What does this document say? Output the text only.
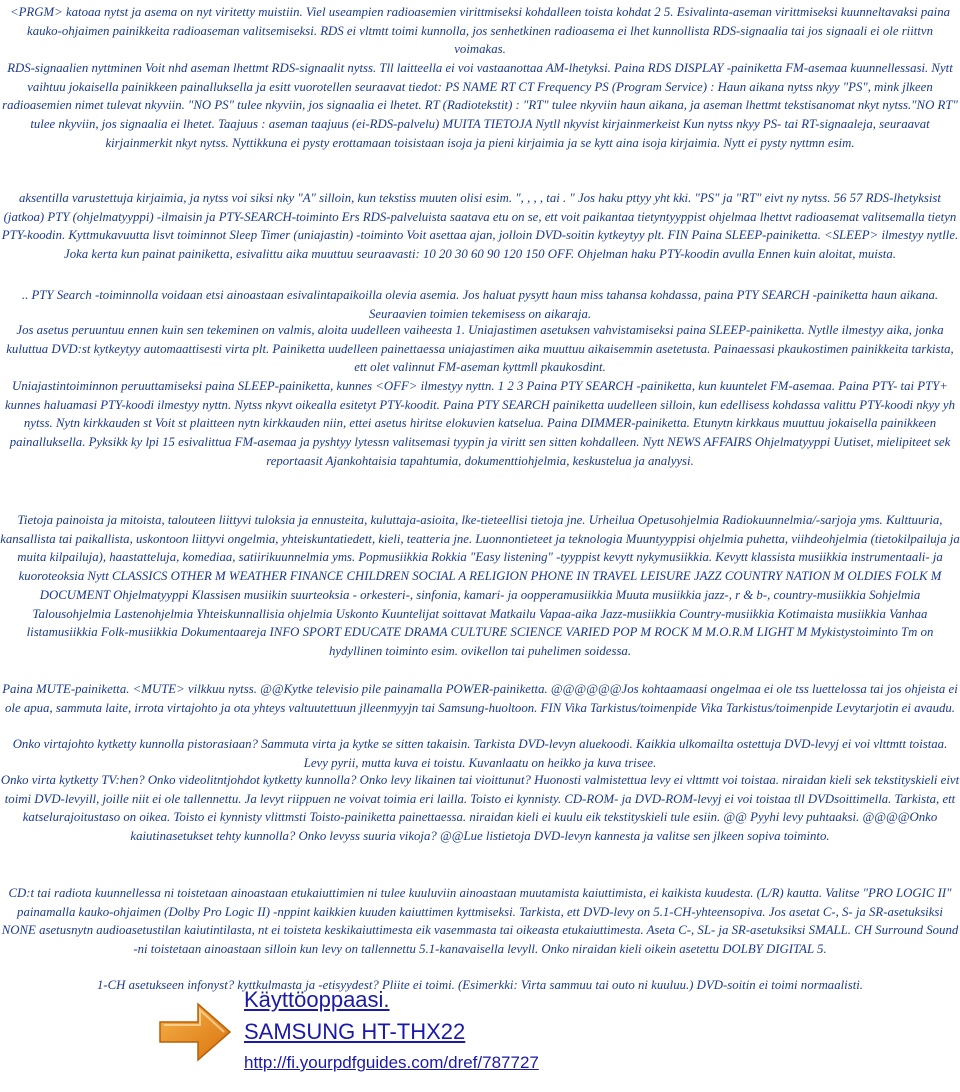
<PRGM> katoaa nytst ja asema on nyt viritetty muistiin. Viel useampien radioasemien virittmiseksi kohdalleen toista kohdat 2 5. Esivalinta-aseman virittmiseksi kuunneltavaksi paina kauko-ohjaimen painikkeita radioaseman valitsemiseksi. RDS ei vltmtt toimi kunnolla, jos senhetkinen radioasema ei lhet kunnollista RDS-signaalia tai jos signaali ei ole riittvn voimakas.

RDS-signaalien nyttminen Voit nhd aseman lhettmt RDS-signaalit nytss. Tll laitteella ei voi vastaanottaa AM-lhetyksi. Paina RDS DISPLAY -painiketta FM-asemaa kuunnellessasi. Nytt vaihtuu jokaisella painikkeen painalluksella ja esitt vuorotellen seuraavat tiedot: PS NAME RT CT Frequency PS (Program Service) : Haun aikana nytss nkyy "PS", mink jlkeen radioasemien nimet tulevat nkyviin. "NO PS" tulee nkyviin, jos signaalia ei lhetet. RT (Radiotekstit) : "RT" tulee nkyviin haun aikana, ja aseman lhettmt tekstisanomat nkyt nytss."NO RT" tulee nkyviin, jos signaalia ei lhetet. Taajuus : aseman taajuus (ei-RDS-palvelu) MUITA TIETOJA Nytll nkyvist kirjainmerkeist Kun nytss nkyy PS- tai RT-signaaleja, seuraavat kirjainmerkit nkyt nytss. Nyttikkuna ei pysty erottamaan toisistaan isoja ja pieni kirjaimia ja se kytt aina isoja kirjaimia. Nytt ei pysty nyttmn esim.

aksentilla varustettuja kirjaimia, ja nytss voi siksi nky "A" silloin, kun tekstiss muuten olisi esim. ", , , , tai . " Jos haku pttyy yht kki. "PS" ja "RT" eivt ny nytss. 56 57 RDS-lhetyksist (jatkoa) PTY (ohjelmatyyppi) -ilmaisin ja PTY-SEARCH-toiminto Ers RDS-palveluista saatava etu on se, ett voit paikantaa tietyntyyppist ohjelmaa lhettvt radioasemat valitsemalla tietyn PTY-koodin. Kyttmukavuutta lisvt toiminnot Sleep Timer (uniajastin) -toiminto Voit asettaa ajan, jolloin DVD-soitin kytkeytyy plt. FIN Paina SLEEP-painiketta. <SLEEP> ilmestyy nytlle. Joka kerta kun painat painiketta, esivalittu aika muuttuu seuraavasti: 10 20 30 60 90 120 150 OFF. Ohjelman haku PTY-koodin avulla Ennen kuin aloitat, muista.

.. PTY Search -toiminnolla voidaan etsi ainoastaan esivalintapaikoilla olevia asemia. Jos haluat pysytt haun miss tahansa kohdassa, paina PTY SEARCH -painiketta haun aikana. Seuraavien toimien tekemisess on aikaraja.

Jos asetus peruuntuu ennen kuin sen tekeminen on valmis, aloita uudelleen vaiheesta 1. Uniajastimen asetuksen vahvistamiseksi paina SLEEP-painiketta. Nytlle ilmestyy aika, jonka kuluttua DVD:st kytkeytyy automaattisesti virta plt. Painiketta uudelleen painettaessa uniajastimen aika muuttuu aikaisemmin asetetusta. Painaessasi pkaukostimen painikkeita tarkista, ett olet valinnut FM-aseman kyttmll pkaukosdint.

Uniajastintoiminnon peruuttamiseksi paina SLEEP-painiketta, kunnes <OFF> ilmestyy nyttn. 1 2 3 Paina PTY SEARCH -painiketta, kun kuuntelet FM-asemaa. Paina PTY- tai PTY+ kunnes haluamasi PTY-koodi ilmestyy nyttn. Nytss nkyvt oikealla esitetyt PTY-koodit. Paina PTY SEARCH painiketta uudelleen silloin, kun edellisess kohdassa valittu PTY-koodi nkyy yh nytss. Nytn kirkkauden st Voit st plaitteen nytn kirkkauden niin, ettei asetus hiritse elokuvien katselua. Paina DIMMER-painiketta. Etunytn kirkkaus muuttuu jokaisella painikkeen painalluksella. Pyksikk ky lpi 15 esivalittua FM-asemaa ja pyshtyy lytessn valitsemasi tyypin ja viritt sen sitten kohdalleen. Nytt NEWS AFFAIRS Ohjelmatyyppi Uutiset, mielipiteet sek reportaasit Ajankohtaisia tapahtumia, dokumenttiohjelmia, keskustelua ja analyysi.

Tietoja painoista ja mitoista, talouteen liittyvi tuloksia ja ennusteita, kuluttaja-asioita, lke-tieteellisi tietoja jne. Urheilua Opetusohjelmia Radiokuunnelmia/-sarjoja yms. Kulttuuria, kansallista tai paikallista, uskontoon liittyvi ongelmia, yhteiskuntatiedett, kieli, teatteria jne. Luonnontieteet ja teknologia Muuntyyppisi ohjelmia puhetta, viihdeohjelmia (tietokilpailuja ja muita kilpailuja), haastatteluja, komediaa, satiirikuunnelmia yms. Popmusiikkia Rokkia "Easy listening" -tyyppist kevytt nykymusiikkia. Kevytt klassista musiikkia instrumentaali- ja kuoroteoksia Nytt CLASSICS OTHER M WEATHER FINANCE CHILDREN SOCIAL A RELIGION PHONE IN TRAVEL LEISURE JAZZ COUNTRY NATION M OLDIES FOLK M DOCUMENT Ohjelmatyyppi Klassisen musiikin suurteoksia - orkesteri-, sinfonia, kamari- ja oopperamusiikkia Muuta musiikkia jazz-, r & b-, country-musiikkia Sohjelmia Talousohjelmia Lastenohjelmia Yhteiskunnallisia ohjelmia Uskonto Kuuntelijat soittavat Matkailu Vapaa-aika Jazz-musiikkia Country-musiikkia Kotimaista musiikkia Vanhaa listamusiikkia Folk-musiikkia Dokumentaareja INFO SPORT EDUCATE DRAMA CULTURE SCIENCE VARIED POP M ROCK M M.O.R.M LIGHT M Mykistystoiminto Tm on hydyllinen toiminto esim. ovikellon tai puhelimen soidessa.

Paina MUTE-painiketta. <MUTE> vilkkuu nytss. @@Kytke televisio pile painamalla POWER-painiketta. @@@@@@Jos kohtaamaasi ongelmaa ei ole tss luettelossa tai jos ohjeista ei ole apua, sammuta laite, irrota virtajohto ja ota yhteys valtuutettuun jlleenmyyjn tai Samsung-huoltoon. FIN Vika Tarkistus/toimenpide Vika Tarkistus/toimenpide Levytarjotin ei avaudu.

Onko virtajohto kytketty kunnolla pistorasiaan? Sammuta virta ja kytke se sitten takaisin. Tarkista DVD-levyn aluekoodi. Kaikkia ulkomailta ostettuja DVD-levyj ei voi vlttmtt toistaa. Levy pyrii, mutta kuva ei toistu. Kuvanlaatu on heikko ja kuva trisee.

Onko virta kytketty TV:hen? Onko videolitntjohdot kytketty kunnolla? Onko levy likainen tai vioittunut? Huonosti valmistettua levy ei vlttmtt voi toistaa. niraidan kieli sek tekstityskieli eivt toimi DVD-levyill, joille niit ei ole tallennettu. Ja levyt riippuen ne voivat toimia eri lailla. Toisto ei kynnisty. CD-ROM- ja DVD-ROM-levyj ei voi toistaa tll DVDsoittimella. Tarkista, ett katselurajoitustaso on oikea. Toisto ei kynnisty vlittmsti Toisto-painiketta painettaessa. niraidan kieli ei kuulu eik tekstityskieli tule esiin. @@ Pyyhi levy puhtaaksi. @@@@Onko kaiutinasetukset tehty kunnolla? Onko levyss suuria vikoja? @@Lue listietoja DVD-levyn kannesta ja valitse sen jlkeen sopiva toiminto.

CD:t tai radiota kuunnellessa ni toistetaan ainoastaan etukaiuttimien ni tulee kuuluviin ainoastaan muutamista kaiuttimista, ei kaikista kuudesta. (L/R) kautta. Valitse "PRO LOGIC II" painamalla kauko-ohjaimen (Dolby Pro Logic II) -nppint kaikkien kuuden kaiuttimen kyttmiseksi. Tarkista, ett DVD-levy on 5.1-CH-yhteensopiva. Jos asetat C-, S- ja SR-asetuksiksi NONE asetusnytn audioasetustilan kaiutintilasta, nt ei toisteta keskikaiuttimesta eik vasemmasta tai oikeasta etukaiuttimesta. Aseta C-, SL- ja SR-asetuksiksi SMALL. CH Surround Sound -ni toistetaan ainoastaan silloin kun levy on tallennettu 5.1-kanavaisella levyll. Onko niraidan kieli oikein asetettu DOLBY DIGITAL 5.

1-CH asetukseen infonyst? kyttkulmasta ja -etisyydest? Pliite ei toimi. (Esimerkki: Virta sammuu tai outo ni kuuluu.) DVD-soitin ei toimi normaalisti.

Käyttöoppaasi.
SAMSUNG HT-THX22
http://fi.yourpdfguides.com/dref/787727
